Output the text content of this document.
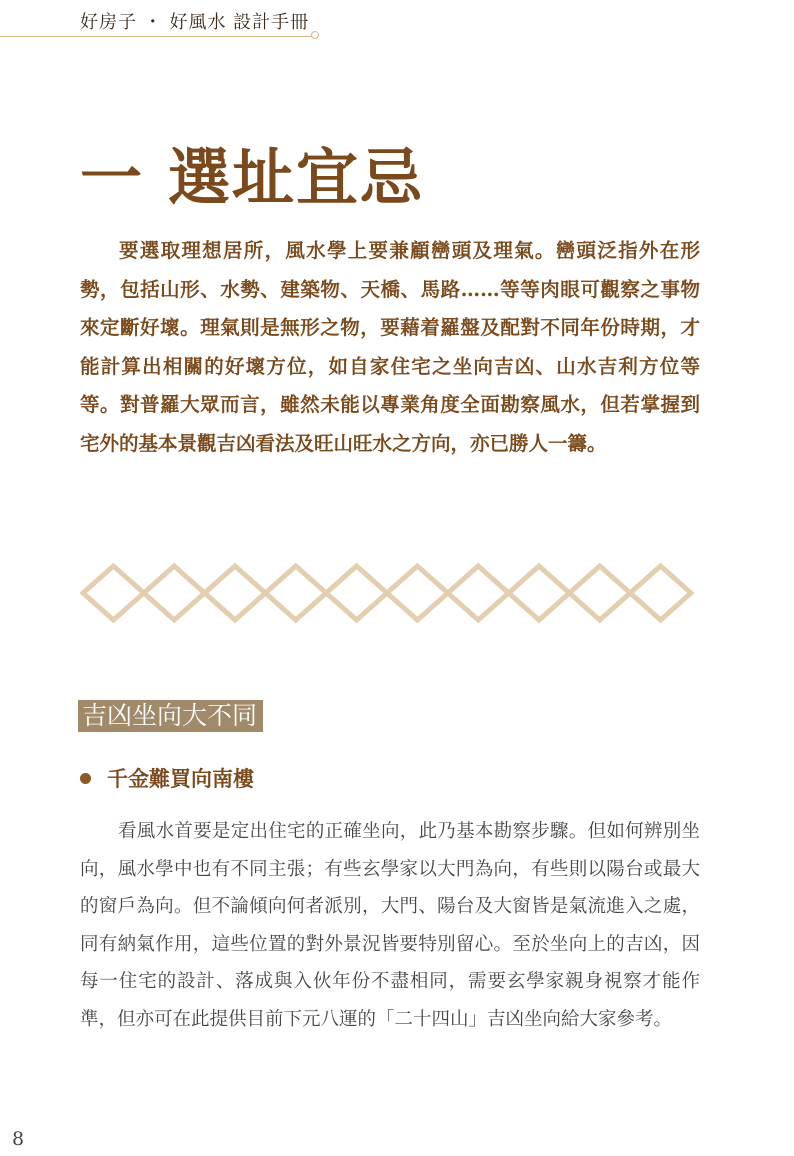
好房子 ・ 好風水 設計手冊
一 選址宜忌

要選取理想居所，風水學上要兼顧巒頭及理氣。巒頭泛指外在形勢，包括山形、水勢、建築物、天橋、馬路……等等肉眼可觀察之事物來定斷好壞。理氣則是無形之物，要藉着羅盤及配對不同年份時期，才能計算出相關的好壞方位，如自家住宅之坐向吉凶、山水吉利方位等等。對普羅大眾而言，雖然未能以專業角度全面勘察風水，但若掌握到宅外的基本景觀吉凶看法及旺山旺水之方向，亦已勝人一籌。

吉凶坐向大不同
千金難買向南樓

看風水首要是定出住宅的正確坐向，此乃基本勘察步驟。但如何辨別坐向，風水學中也有不同主張；有些玄學家以大門為向，有些則以陽台或最大的窗戶為向。但不論傾向何者派別，大門、陽台及大窗皆是氣流進入之處，同有納氣作用，這些位置的對外景況皆要特別留心。至於坐向上的吉凶，因每一住宅的設計、落成與入伙年份不盡相同，需要玄學家親身視察才能作準，但亦可在此提供目前下元八運的「二十四山」吉凶坐向給大家參考。

8
